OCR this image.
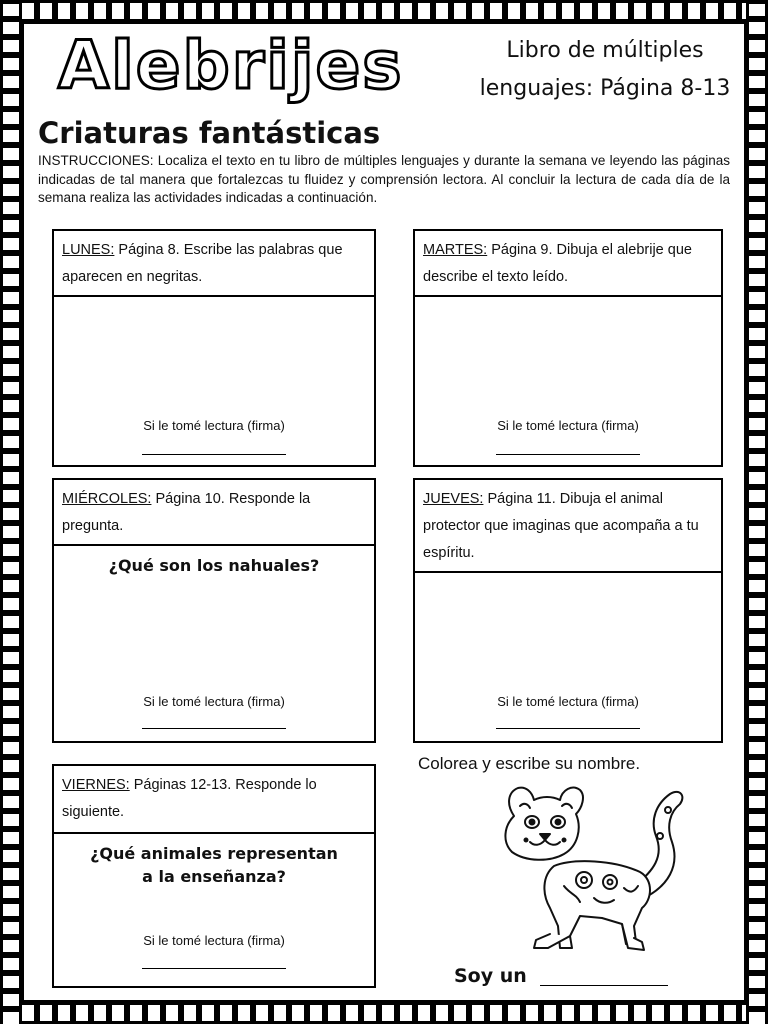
Alebrijes	Libro de múltiples
lenguajes: Página 8-13
Criaturas fantásticas
INSTRUCCIONES: Localiza el texto en tu libro de múltiples lenguajes y durante la semana ve leyendo las páginas indicadas de tal manera que fortalezcas tu fluidez y comprensión lectora. Al concluir la lectura de cada día de la semana realiza las actividades indicadas a continuación.
LUNES: Página 8. Escribe las palabras que aparecen en negritas.
Si le tomé lectura (firma)
MARTES: Página 9. Dibuja el alebrije que describe el texto leído.
Si le tomé lectura (firma)
MIÉRCOLES: Página 10. Responde la pregunta.
¿Qué son los nahuales?
Si le tomé lectura (firma)
JUEVES: Página 11. Dibuja el animal protector que imaginas que acompaña a tu espíritu.
Si le tomé lectura (firma)
VIERNES: Páginas 12-13. Responde lo siguiente.
¿Qué animales representan
a la enseñanza?
Si le tomé lectura (firma)
Colorea y escribe su nombre.
Soy un
